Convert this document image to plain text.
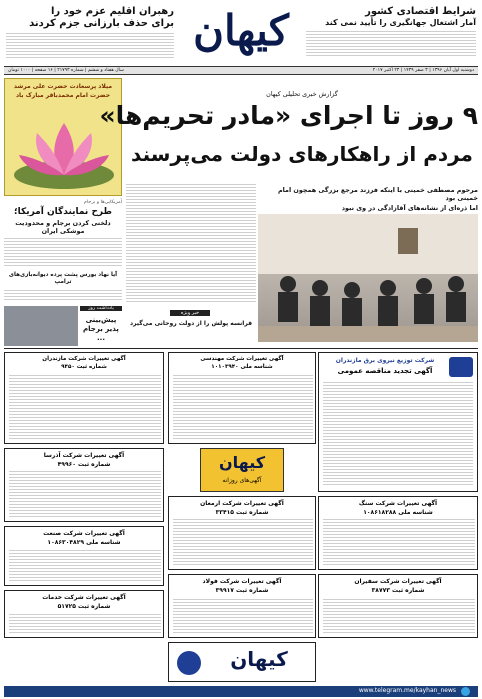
شرایط اقتصادی کشور
آمار اشتغال جهانگیری را تأیید نمی کند
کیهان
رهبران اقلیم عزم خود را
برای حذف بارزانی جزم کردند
دوشنبه اول آبان ۱۳۹۶ | ۳ صفر ۱۴۳۹ | ۲۳ اکتبر ۲۰۱۷
سال هفتاد و ششم | شماره ۲۱۷۹۳ | ۱۶ صفحه | ۱۰۰۰ تومان
میلاد پرسعادت حضرت علی مرشد
حضرت امام محمدباقر مبارک باد
آمریکایی‌ها و برجام
طرح نمایندگان آمریکا؛
دلخنی کردن برجام و محدودیت موشکی ایران
آیا نهاد بورس پشت پرده دیوانه‌بازی‌های ترامپ
یادداشت روز
پیش‌بینی پذیر برجام ...
گزارش خبری تحلیلی کیهان
۹ روز تا اجرای «مادر تحریم‌ها»
مردم از راهکارهای دولت می‌پرسند
مرحوم مصطفی خمینی با اینکه فرزند مرجع بزرگی همچون امام خمینی بود
اما ذره‌ای از نشانه‌های آقازادگی در وی نبود
خبر ویژه
فرانسه پولش را از دولت روحانی می‌گیرد
شرکت توزیع نیروی برق مازندران
آگهی تجدید مناقصه عمومی
آگهی تغییرات شرکت مهندسی
شناسه ملی ۱۰۱۰۳۹۴۰
آگهی تغییرات شرکت مازندران
شماره ثبت ۹۴۵۰
کیهان
آگهی‌های روزانه
آگهی تغییرات شرکت سنگ
شناسه ملی ۱۰۸۶۱۸۲۸۸
آگهی تغییرات شرکت آذرسا
شماره ثبت ۴۹۹۶۰
آگهی تغییرات شرکت ارمغان
شماره ثبت ۳۳۴۱۵
آگهی تغییرات شرکت صنعت
شناسه ملی ۱۰۸۶۳۰۴۸۲۹
آگهی تغییرات شرکت سفیران
شماره ثبت ۳۸۷۷۳
آگهی تغییرات شرکت فولاد
شماره ثبت ۳۹۹۱۷
آگهی تغییرات شرکت خدمات
شماره ثبت ۵۱۷۲۵
کیهان
www.telegram.me/kayhan_news
